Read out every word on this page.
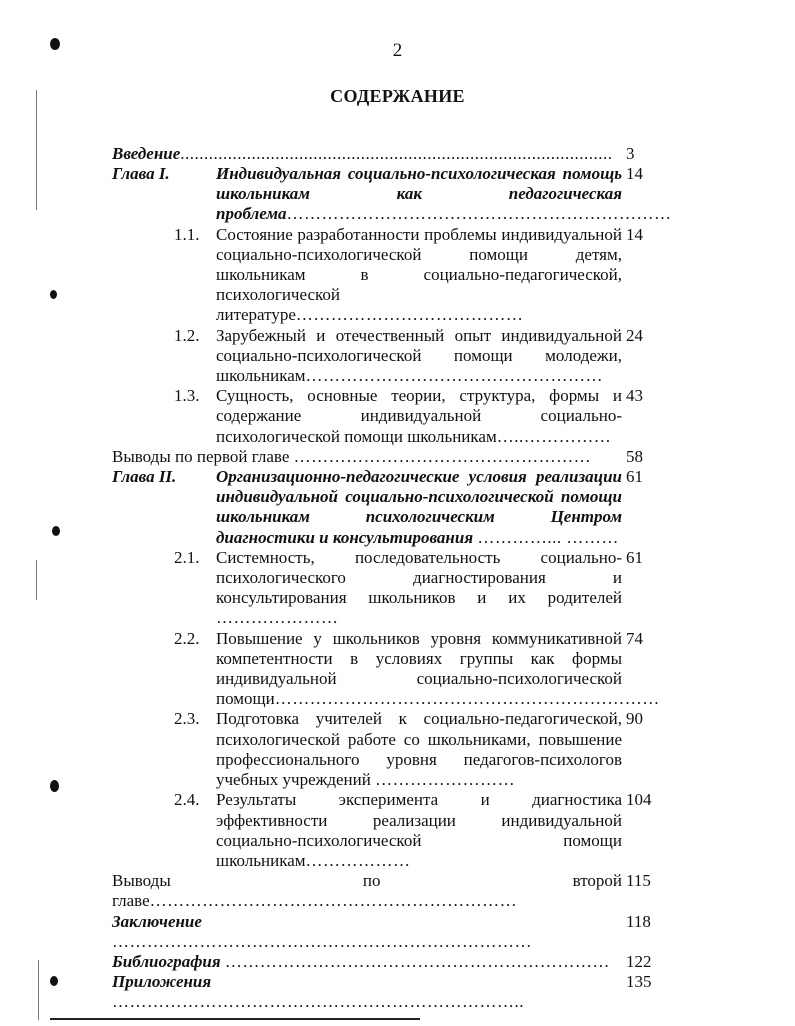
2
СОДЕРЖАНИЕ
Введение........................................................................................... 3
Глава I.	Индивидуальная социально-психологическая помощь школьникам как педагогическая проблема…………………………………………………………
14
1.1. Состояние разработанности проблемы индивидуальной социально-психологической помощи детям, школьникам в социально-педагогической, психологической литературе…………………………………
14
1.2. Зарубежный и отечественный опыт индивидуальной социально-психологической помощи молодежи, школьникам……………………………………………
24
1.3. Сущность, основные теории, структура, формы и содержание индивидуальной социально-психологической помощи школьникам…..……………
43
Выводы по первой главе ……………………………………………	58
Глава II. Организационно-педагогические условия реализации индивидуальной социально-психологической помощи школьникам психологическим Центром диагностики и консультирования …………... ………
61
2.1. Системность, последовательность социально-психологического диагностирования и консультирования школьников и их родителей …………………
61
2.2. Повышение у школьников уровня коммуникативной компетентности в условиях группы как формы индивидуальной социально-психологической помощи…………………………………………………………
74
2.3. Подготовка учителей к социально-педагогической, психологической работе со школьниками, повышение профессионального уровня педагогов-психологов учебных учреждений ……………………
90
2.4. Результаты эксперимента и диагностика эффективности реализации индивидуальной социально-психологической помощи школьникам………………
104
Выводы по второй главе………………………………………………………
115
Заключение ………………………………………………………………
118
Библиография ………………………………………………………… 122
Приложения ……………………………………………………………..
135
